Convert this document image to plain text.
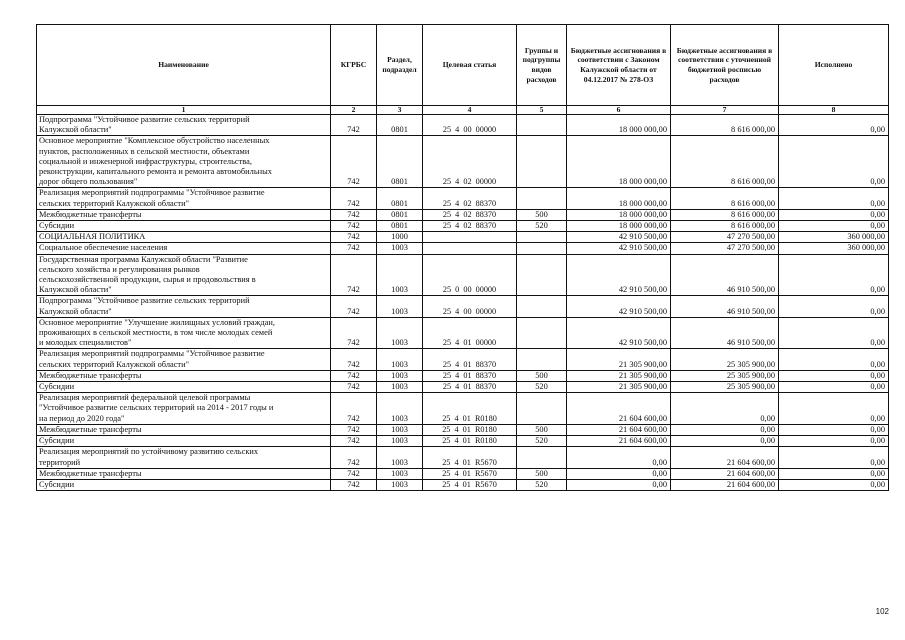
Наименование	КГРБС	Раздел, подраздел	Целевая статья	Группы и подгруппы видов расходов	Бюджетные ассигнования в соответствии с Законом Калужской области от 04.12.2017 № 278-ОЗ	Бюджетные ассигнования в соответствии с уточненной бюджетной росписью расходов	Исполнено
1	2	3	4	5	6	7	8
Подпрограмма "Устойчивое развитие сельских территорий
Калужской области"	742	0801	25  4  00  00000		18 000 000,00	8 616 000,00	0,00
Основное мероприятие "Комплексное обустройство населенных
пунктов, расположенных в сельской местности, объектами
социальной и инженерной инфраструктуры, строительства,
реконструкции, капитального ремонта и ремонта автомобильных
дорог общего пользования"	742	0801	25  4  02  00000		18 000 000,00	8 616 000,00	0,00
Реализация мероприятий подпрограммы "Устойчивое развитие
сельских территорий Калужской области"	742	0801	25  4  02  88370		18 000 000,00	8 616 000,00	0,00
Межбюджетные трансферты	742	0801	25  4  02  88370	500	18 000 000,00	8 616 000,00	0,00
Субсидии	742	0801	25  4  02  88370	520	18 000 000,00	8 616 000,00	0,00
СОЦИАЛЬНАЯ ПОЛИТИКА	742	1000			42 910 500,00	47 270 500,00	360 000,00
Социальное обеспечение населения	742	1003			42 910 500,00	47 270 500,00	360 000,00
Государственная программа Калужской области "Развитие
сельского хозяйства и регулирования рынков
сельскохозяйственной продукции, сырья и продовольствия в
Калужской области"	742	1003	25  0  00  00000		42 910 500,00	46 910 500,00	0,00
Подпрограмма "Устойчивое развитие сельских территорий
Калужской области"	742	1003	25  4  00  00000		42 910 500,00	46 910 500,00	0,00
Основное мероприятие "Улучшение жилищных условий граждан,
проживающих в сельской местности, в том числе молодых семей
и молодых специалистов"	742	1003	25  4  01  00000		42 910 500,00	46 910 500,00	0,00
Реализация мероприятий подпрограммы "Устойчивое развитие
сельских территорий Калужской области"	742	1003	25  4  01  88370		21 305 900,00	25 305 900,00	0,00
Межбюджетные трансферты	742	1003	25  4  01  88370	500	21 305 900,00	25 305 900,00	0,00
Субсидии	742	1003	25  4  01  88370	520	21 305 900,00	25 305 900,00	0,00
Реализация мероприятий федеральной целевой программы
"Устойчивое развитие сельских территорий на 2014 - 2017 годы и
на период до 2020 года"	742	1003	25  4  01  R0180		21 604 600,00	0,00	0,00
Межбюджетные трансферты	742	1003	25  4  01  R0180	500	21 604 600,00	0,00	0,00
Субсидии	742	1003	25  4  01  R0180	520	21 604 600,00	0,00	0,00
Реализация мероприятий по устойчивому развитию сельских
территорий	742	1003	25  4  01  R5670		0,00	21 604 600,00	0,00
Межбюджетные трансферты	742	1003	25  4  01  R5670	500	0,00	21 604 600,00	0,00
Субсидии	742	1003	25  4  01  R5670	520	0,00	21 604 600,00	0,00
102
